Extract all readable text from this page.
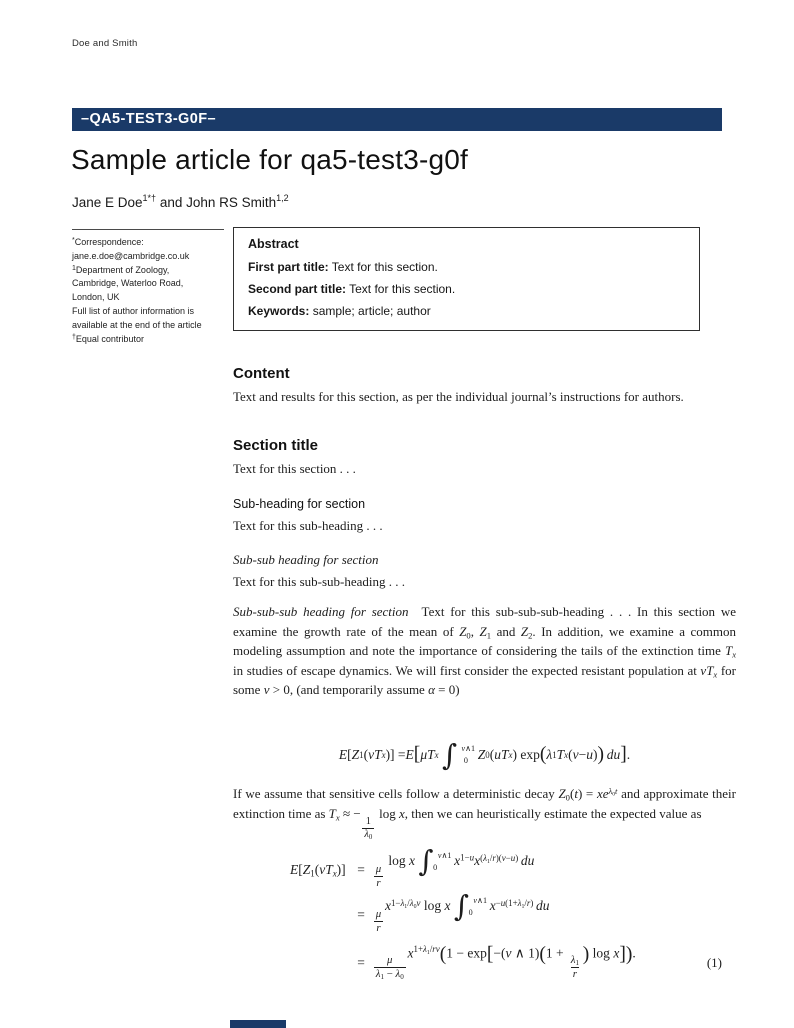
Doe and Smith
–QA5-TEST3-G0F–
Sample article for qa5-test3-g0f
Jane E Doe$^{1*\dagger}$ and John RS Smith$^{1,2}$
*Correspondence:
jane.e.doe@cambridge.co.uk
$^1$Department of Zoology,
Cambridge, Waterloo Road,
London, UK
Full list of author information is
available at the end of the article
†Equal contributor
Abstract
First part title: Text for this section.
Second part title: Text for this section.
Keywords: sample; article; author
Content
Text and results for this section, as per the individual journal’s instructions for authors.
Section title
Text for this section . . .
Sub-heading for section
Text for this sub-heading . . .
Sub-sub heading for section
Text for this sub-sub-heading . . .
Sub-sub-sub heading for section Text for this sub-sub-sub-heading . . . In this section we examine the growth rate of the mean of Z0, Z1 and Z2. In addition, we examine a common modeling assumption and note the importance of considering the tails of the extinction time Tx in studies of escape dynamics. We will first consider the expected resistant population at vTx for some v > 0, (and temporarily assume α = 0)
E [ Z 1 ( vT x )] = E [ μT x ∫ v∧1
0 Z 0 ( uT x ) exp ( λ 1 T x ( v − u ) ) du ] .
If we assume that sensitive cells follow a deterministic decay $Z0(t) = xe^{\lambda 0t}$ and approximate their extinction time as Tx ≈ −
$\frac{1}{\lambda 0}$
log x, then we can heuristically estimate the expected value as
$E[Z1(vTx)] = \frac{\mu}{r}$
log x ∫ v∧1
0	$x^{1-u}x^{(\lambda 1/r)(v-u)}$ du
= $\frac{\mu}{r}$
$x^{1-\lambda 1/\lambda 0v}$ log x ∫ v∧1
0	$x^{-u(1+\lambda 1/r)}$ du
= $\frac{\mu}{\lambda 1 - \lambda 0}$
$x^{1+\lambda 1/rv}(1 - \exp[-(v$ ∧ 1)(1 +
$\frac{\lambda 1}{r}$
) log x]).
(1)
